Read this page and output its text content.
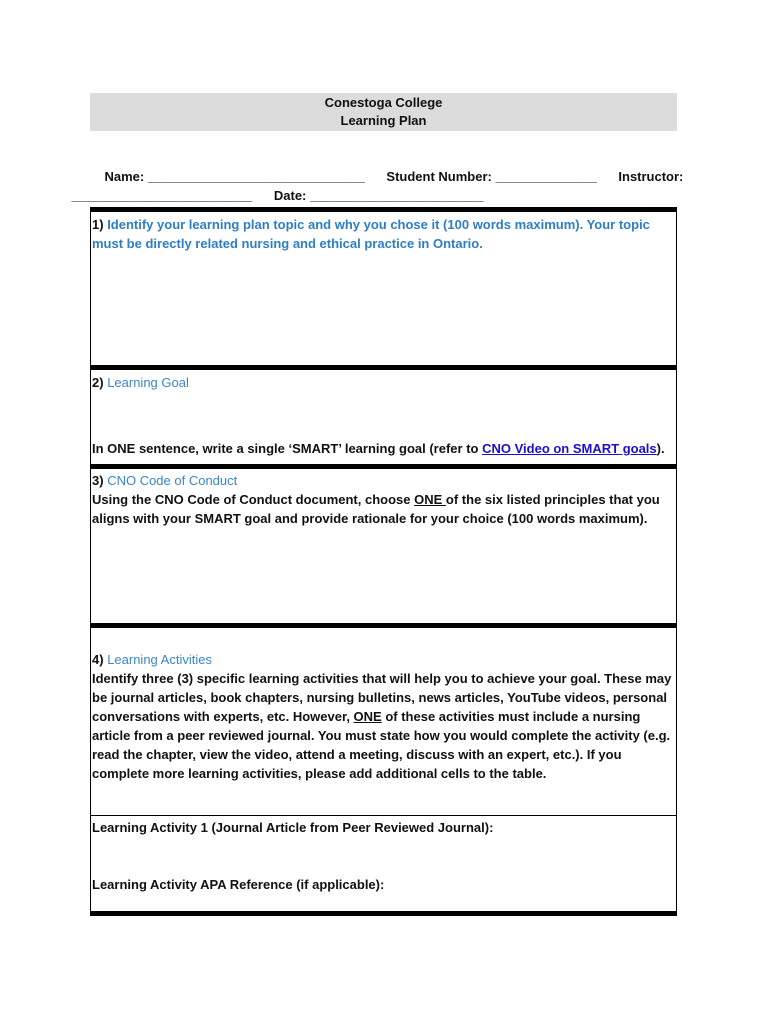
Conestoga College
Learning Plan

Name: ______________________________ Student Number: ______________ Instructor:

_________________________ Date: ________________________

1) Identify your learning plan topic and why you chose it (100 words maximum). Your topic must be directly related nursing and ethical practice in Ontario.
2) Learning Goal
In ONE sentence, write a single ‘SMART’ learning goal (refer to CNO Video on SMART goals).
3) CNO Code of Conduct
Using the CNO Code of Conduct document, choose ONE of the six listed principles that you aligns with your SMART goal and provide rationale for your choice (100 words maximum).
4) Learning Activities
Identify three (3) specific learning activities that will help you to achieve your goal. These may be journal articles, book chapters, nursing bulletins, news articles, YouTube videos, personal conversations with experts, etc. However, ONE of these activities must include a nursing article from a peer reviewed journal. You must state how you would complete the activity (e.g. read the chapter, view the video, attend a meeting, discuss with an expert, etc.). If you complete more learning activities, please add additional cells to the table.
Learning Activity 1 (Journal Article from Peer Reviewed Journal):
Learning Activity APA Reference (if applicable):
